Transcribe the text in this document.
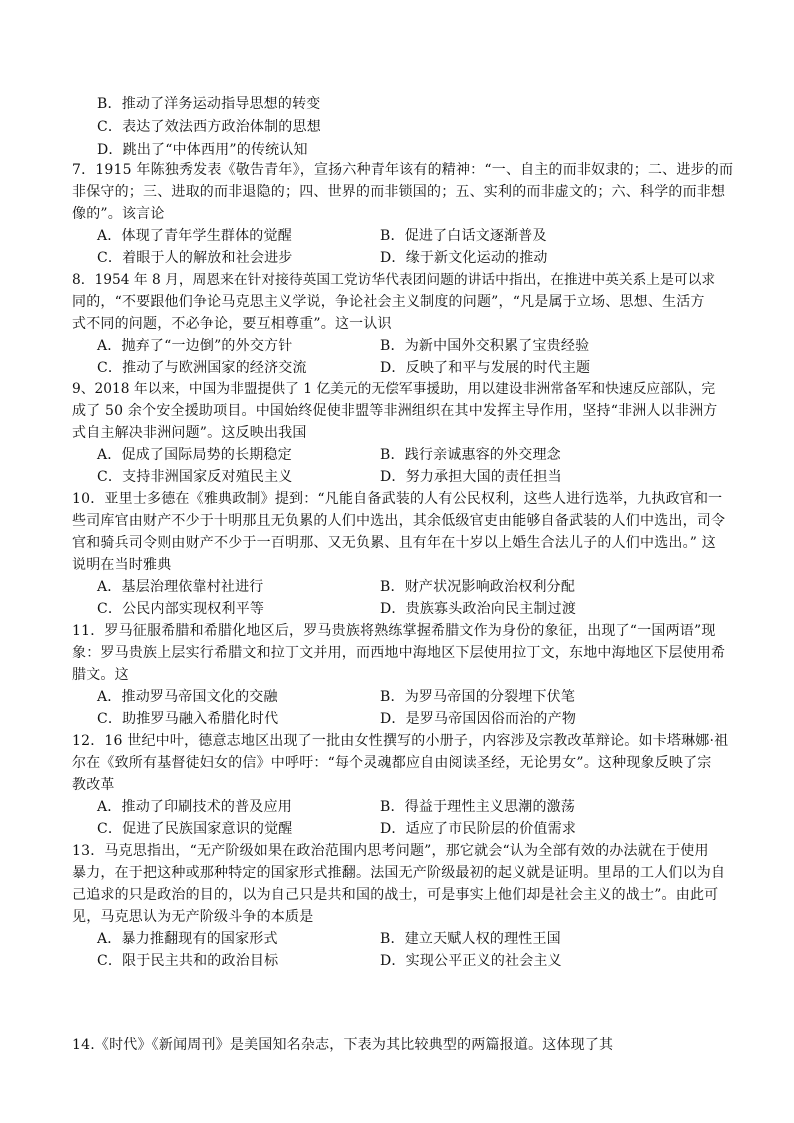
B．推动了洋务运动指导思想的转变
C．表达了效法西方政治体制的思想
D．跳出了“中体西用”的传统认知
7．1915 年陈独秀发表《敬告青年》，宣扬六种青年该有的精神：“一、自主的而非奴隶的；二、进步的而
非保守的；三、进取的而非退隐的；四、世界的而非锁国的；五、实利的而非虚文的；六、科学的而非想
像的”。该言论
A．体现了青年学生群体的觉醒	B．促进了白话文逐渐普及
C．着眼于人的解放和社会进步	D．缘于新文化运动的推动
8．1954 年 8 月，周恩来在针对接待英国工党访华代表团问题的讲话中指出，在推进中英关系上是可以求
同的，“不要跟他们争论马克思主义学说，争论社会主义制度的问题”，“凡是属于立场、思想、生活方
式不同的问题，不必争论，要互相尊重”。这一认识
A．抛弃了“一边倒”的外交方针	B．为新中国外交积累了宝贵经验
C．推动了与欧洲国家的经济交流	D．反映了和平与发展的时代主题
9、2018 年以来，中国为非盟提供了 1 亿美元的无偿军事援助，用以建设非洲常备军和快速反应部队，完
成了 50 余个安全援助项目。中国始终促使非盟等非洲组织在其中发挥主导作用，坚持“非洲人以非洲方
式自主解决非洲问题”。这反映出我国
A．促成了国际局势的长期稳定	B．践行亲诚惠容的外交理念
C．支持非洲国家反对殖民主义	D．努力承担大国的责任担当
10．亚里士多德在《雅典政制》提到：“凡能自备武装的人有公民权利，这些人进行选举，九执政官和一
些司库官由财产不少于十明那且无负累的人们中选出，其余低级官吏由能够自备武装的人们中选出，司令
官和骑兵司令则由财产不少于一百明那、又无负累、且有年在十岁以上婚生合法儿子的人们中选出。” 这
说明在当时雅典
A．基层治理依靠村社进行	B．财产状况影响政治权利分配
C．公民内部实现权利平等	D．贵族寡头政治向民主制过渡
11．罗马征服希腊和希腊化地区后，罗马贵族将熟练掌握希腊文作为身份的象征，出现了“一国两语”现
象：罗马贵族上层实行希腊文和拉丁文并用，而西地中海地区下层使用拉丁文，东地中海地区下层使用希
腊文。这
A．推动罗马帝国文化的交融	B．为罗马帝国的分裂埋下伏笔
C．助推罗马融入希腊化时代	D．是罗马帝国因俗而治的产物
12．16 世纪中叶，德意志地区出现了一批由女性撰写的小册子，内容涉及宗教改革辩论。如卡塔琳娜·祖
尔在《致所有基督徒妇女的信》中呼吁：“每个灵魂都应自由阅读圣经，无论男女”。这种现象反映了宗
教改革
A．推动了印刷技术的普及应用	B．得益于理性主义思潮的激荡
C．促进了民族国家意识的觉醒	D．适应了市民阶层的价值需求
13．马克思指出，“无产阶级如果在政治范围内思考问题”，那它就会“认为全部有效的办法就在于使用
暴力，在于把这种或那种特定的国家形式推翻。法国无产阶级最初的起义就是证明。里昂的工人们以为自
己追求的只是政治的目的，以为自己只是共和国的战士，可是事实上他们却是社会主义的战士”。由此可
见，马克思认为无产阶级斗争的本质是
A．暴力推翻现有的国家形式	B．建立天赋人权的理性王国
C．限于民主共和的政治目标	D．实现公平正义的社会主义
14.《时代》《新闻周刊》是美国知名杂志，下表为其比较典型的两篇报道。这体现了其
